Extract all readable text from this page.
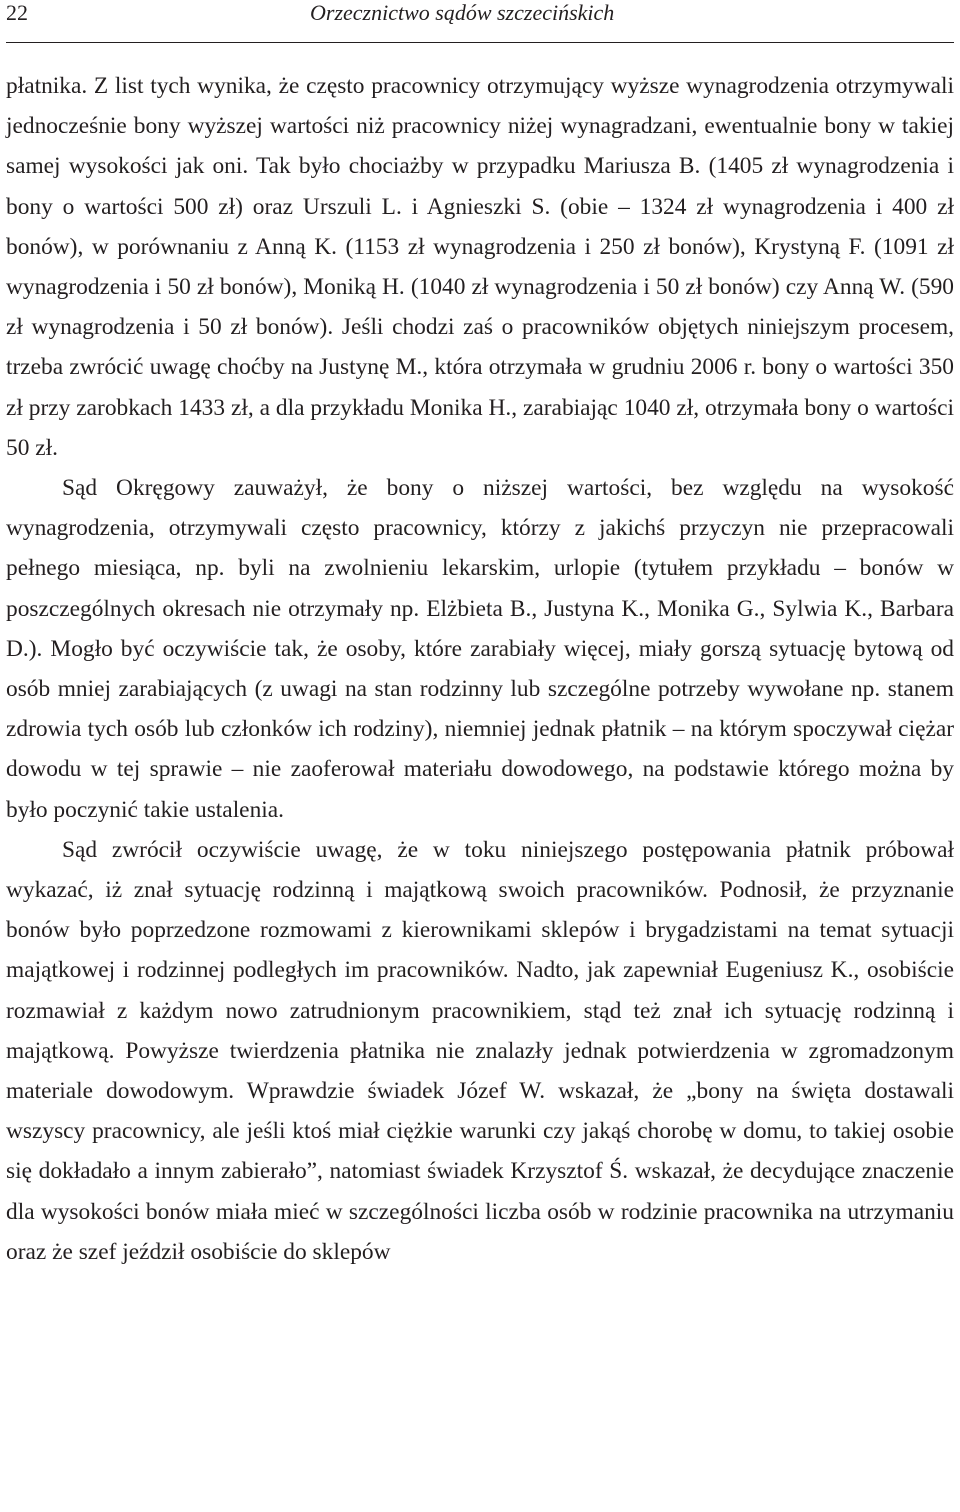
22	Orzecznictwo sądów szczecińskich

płatnika. Z list tych wynika, że często pracownicy otrzymujący wyższe wynagrodzenia otrzymywali jednocześnie bony wyższej wartości niż pracownicy niżej wynagradzani, ewentualnie bony w takiej samej wysokości jak oni. Tak było chociażby w przypadku Mariusza B. (1405 zł wynagrodzenia i bony o wartości 500 zł) oraz Urszuli L. i Agnieszki S. (obie – 1324 zł wynagrodzenia i 400 zł bonów), w porównaniu z Anną K. (1153 zł wynagrodzenia i 250 zł bonów), Krystyną F. (1091 zł wynagrodzenia i 50 zł bonów), Moniką H. (1040 zł wynagrodzenia i 50 zł bonów) czy Anną W. (590 zł wynagrodzenia i 50 zł bonów). Jeśli chodzi zaś o pracowników objętych niniejszym procesem, trzeba zwrócić uwagę choćby na Justynę M., która otrzymała w grudniu 2006 r. bony o wartości 350 zł przy zarobkach 1433 zł, a dla przykładu Monika H., zarabiając 1040 zł, otrzymała bony o wartości 50 zł.

Sąd Okręgowy zauważył, że bony o niższej wartości, bez względu na wysokość wynagrodzenia, otrzymywali często pracownicy, którzy z jakichś przyczyn nie przepracowali pełnego miesiąca, np. byli na zwolnieniu lekarskim, urlopie (tytułem przykładu – bonów w poszczególnych okresach nie otrzymały np. Elżbieta B., Justyna K., Monika G., Sylwia K., Barbara D.). Mogło być oczywiście tak, że osoby, które zarabiały więcej, miały gorszą sytuację bytową od osób mniej zarabiających (z uwagi na stan rodzinny lub szczególne potrzeby wywołane np. stanem zdrowia tych osób lub członków ich rodziny), niemniej jednak płatnik – na którym spoczywał ciężar dowodu w tej sprawie – nie zaoferował materiału dowodowego, na podstawie którego można by było poczynić takie ustalenia.

Sąd zwrócił oczywiście uwagę, że w toku niniejszego postępowania płatnik próbował wykazać, iż znał sytuację rodzinną i majątkową swoich pracowników. Podnosił, że przyznanie bonów było poprzedzone rozmowami z kierownikami sklepów i brygadzistami na temat sytuacji majątkowej i rodzinnej podległych im pracowników. Nadto, jak zapewniał Eugeniusz K., osobiście rozmawiał z każdym nowo zatrudnionym pracownikiem, stąd też znał ich sytuację rodzinną i majątkową. Powyższe twierdzenia płatnika nie znalazły jednak potwierdzenia w zgromadzonym materiale dowodowym. Wprawdzie świadek Józef W. wskazał, że „bony na święta dostawali wszyscy pracownicy, ale jeśli ktoś miał ciężkie warunki czy jakąś chorobę w domu, to takiej osobie się dokładało a innym zabierało”, natomiast świadek Krzysztof Ś. wskazał, że decydujące znaczenie dla wysokości bonów miała mieć w szczególności liczba osób w rodzinie pracownika na utrzymaniu oraz że szef jeździł osobiście do sklepów
